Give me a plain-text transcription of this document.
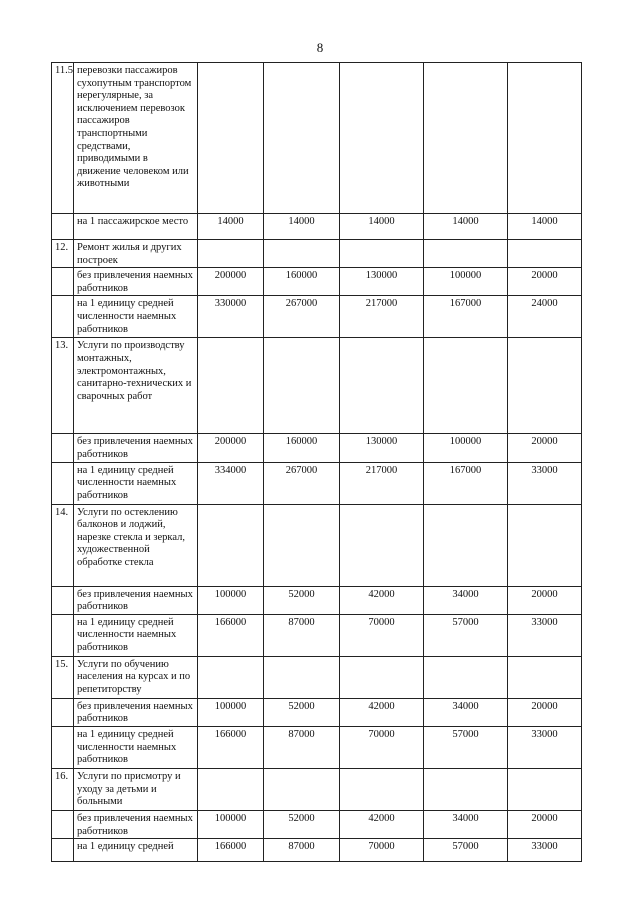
8
11.5	перевозки пассажиров сухопутным транспортом нерегулярные, за исключением перевозок пассажиров транспортными средствами, приводимыми в движение человеком или животными					
	на 1 пассажирское место	14000	14000	14000	14000	14000
12.	Ремонт жилья и других построек					
	без привлечения наемных работников	200000	160000	130000	100000	20000
	на 1 единицу средней численности наемных работников	330000	267000	217000	167000	24000
13.	Услуги по производству монтажных, электромонтажных, санитарно-технических и сварочных работ					
	без привлечения наемных работников	200000	160000	130000	100000	20000
	на 1 единицу средней численности наемных работников	334000	267000	217000	167000	33000
14.	Услуги по остеклению балконов и лоджий, нарезке стекла и зеркал, художественной обработке стекла					
	без привлечения наемных работников	100000	52000	42000	34000	20000
	на 1 единицу средней численности наемных работников	166000	87000	70000	57000	33000
15.	Услуги по обучению населения на курсах и по репетиторству					
	без привлечения наемных работников	100000	52000	42000	34000	20000
	на 1 единицу средней численности наемных работников	166000	87000	70000	57000	33000
16.	Услуги по присмотру и уходу за детьми и больными					
	без привлечения наемных работников	100000	52000	42000	34000	20000
	на 1 единицу средней	166000	87000	70000	57000	33000
